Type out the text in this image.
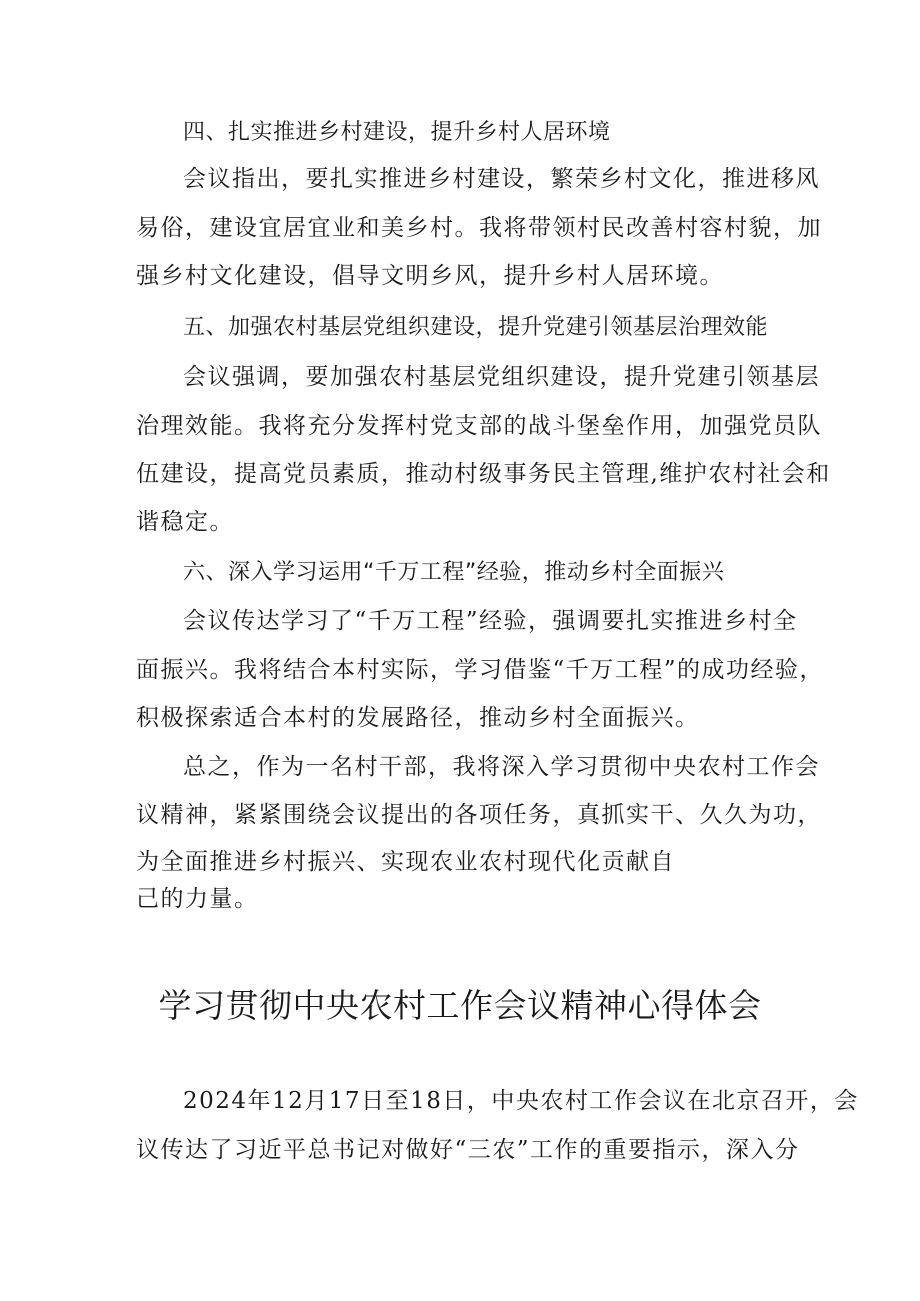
四、扎实推进乡村建设，提升乡村人居环境
会议指出，要扎实推进乡村建设，繁荣乡村文化，推进移风
易俗，建设宜居宜业和美乡村。我将带领村民改善村容村貌，加
强乡村文化建设，倡导文明乡风，提升乡村人居环境。
五、加强农村基层党组织建设，提升党建引领基层治理效能
会议强调，要加强农村基层党组织建设，提升党建引领基层
治理效能。我将充分发挥村党支部的战斗堡垒作用，加强党员队
伍建设，提高党员素质，推动村级事务民主管理,维护农村社会和
谐稳定。
六、深入学习运用“千万工程”经验，推动乡村全面振兴
会议传达学习了“千万工程”经验，强调要扎实推进乡村全
面振兴。我将结合本村实际，学习借鉴“千万工程”的成功经验，
积极探索适合本村的发展路径，推动乡村全面振兴。
总之，作为一名村干部，我将深入学习贯彻中央农村工作会
议精神，紧紧围绕会议提出的各项任务，真抓实干、久久为功，
为全面推进乡村振兴、实现农业农村现代化贡献自
己的力量。
学习贯彻中央农村工作会议精神心得体会
2024年12月17日至18日，中央农村工作会议在北京召开，会
议传达了习近平总书记对做好“三农”工作的重要指示，深入分
